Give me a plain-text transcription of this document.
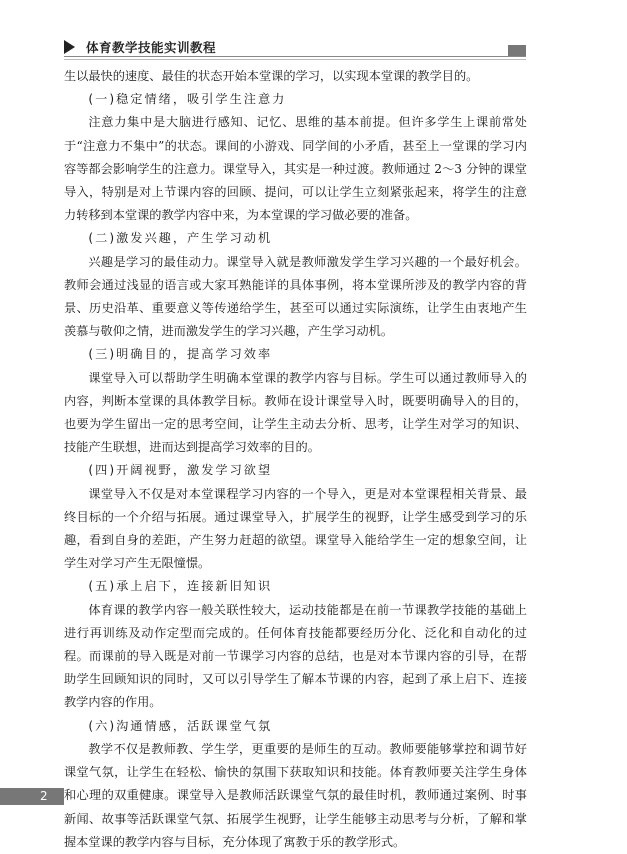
体育教学技能实训教程

生以最快的速度、最佳的状态开始本堂课的学习，以实现本堂课的教学目的。

(一)稳定情绪，吸引学生注意力

注意力集中是大脑进行感知、记忆、思维的基本前提。但许多学生上课前常处于“注意力不集中”的状态。课间的小游戏、同学间的小矛盾，甚至上一堂课的学习内容等都会影响学生的注意力。课堂导入，其实是一种过渡。教师通过 2～3 分钟的课堂导入，特别是对上节课内容的回顾、提问，可以让学生立刻紧张起来，将学生的注意力转移到本堂课的教学内容中来，为本堂课的学习做必要的准备。

(二)激发兴趣，产生学习动机

兴趣是学习的最佳动力。课堂导入就是教师激发学生学习兴趣的一个最好机会。教师会通过浅显的语言或大家耳熟能详的具体事例，将本堂课所涉及的教学内容的背景、历史沿革、重要意义等传递给学生，甚至可以通过实际演练，让学生由衷地产生羡慕与敬仰之情，进而激发学生的学习兴趣，产生学习动机。

(三)明确目的，提高学习效率

课堂导入可以帮助学生明确本堂课的教学内容与目标。学生可以通过教师导入的内容，判断本堂课的具体教学目标。教师在设计课堂导入时，既要明确导入的目的，也要为学生留出一定的思考空间，让学生主动去分析、思考，让学生对学习的知识、技能产生联想，进而达到提高学习效率的目的。

(四)开阔视野，激发学习欲望

课堂导入不仅是对本堂课程学习内容的一个导入，更是对本堂课程相关背景、最终目标的一个介绍与拓展。通过课堂导入，扩展学生的视野，让学生感受到学习的乐趣，看到自身的差距，产生努力赶超的欲望。课堂导入能给学生一定的想象空间，让学生对学习产生无限憧憬。

(五)承上启下，连接新旧知识

体育课的教学内容一般关联性较大，运动技能都是在前一节课教学技能的基础上进行再训练及动作定型而完成的。任何体育技能都要经历分化、泛化和自动化的过程。而课前的导入既是对前一节课学习内容的总结，也是对本节课内容的引导，在帮助学生回顾知识的同时，又可以引导学生了解本节课的内容，起到了承上启下、连接教学内容的作用。

(六)沟通情感，活跃课堂气氛

教学不仅是教师教、学生学，更重要的是师生的互动。教师要能够掌控和调节好课堂气氛，让学生在轻松、愉快的氛围下获取知识和技能。体育教师要关注学生身体和心理的双重健康。课堂导入是教师活跃课堂气氛的最佳时机，教师通过案例、时事新闻、故事等活跃课堂气氛、拓展学生视野，让学生能够主动思考与分析，了解和掌握本堂课的教学内容与目标，充分体现了寓教于乐的教学形式。

2
